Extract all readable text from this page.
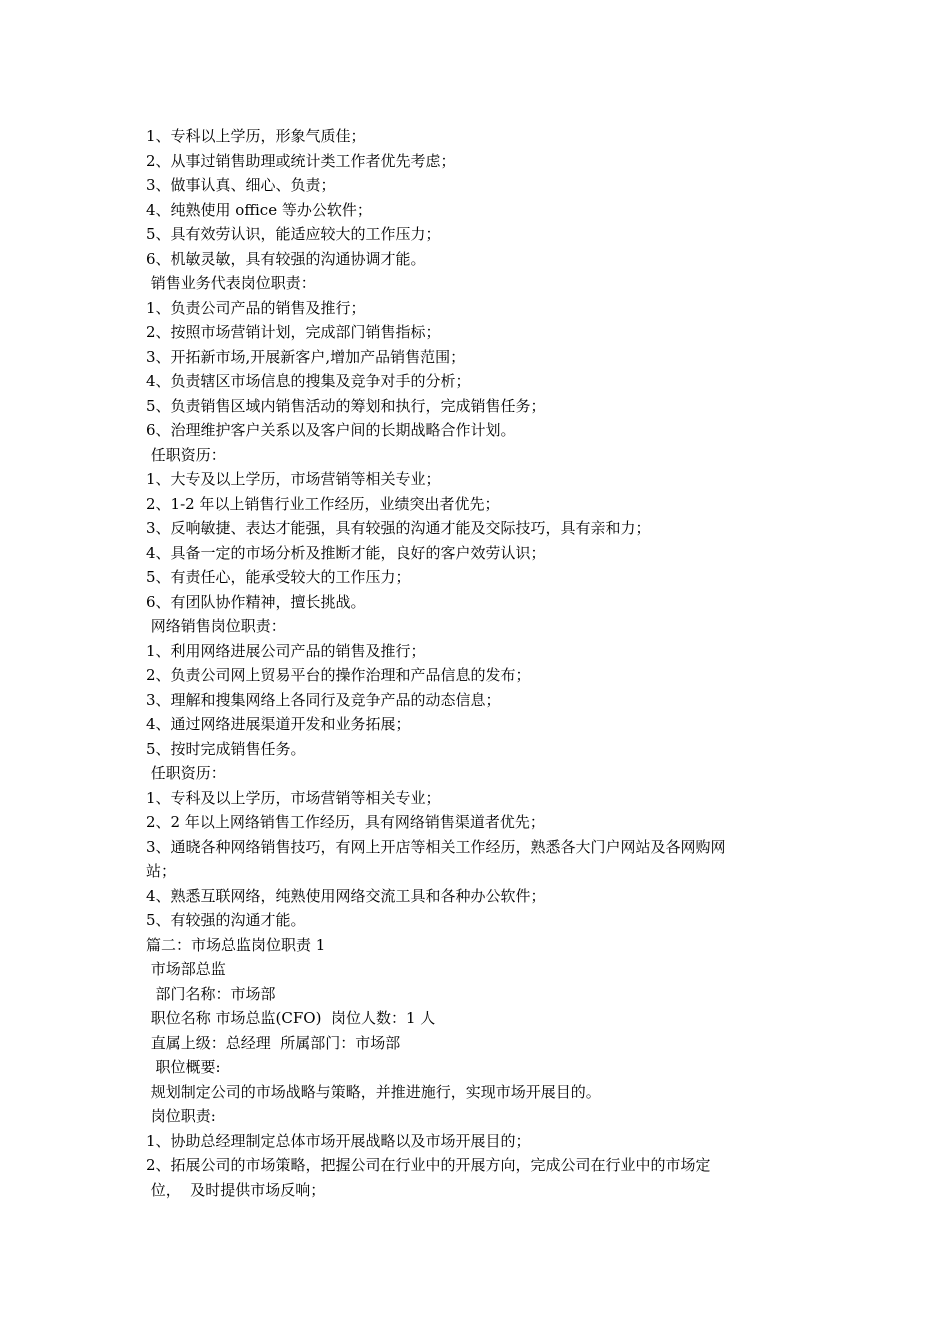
1、专科以上学历，形象气质佳；
2、从事过销售助理或统计类工作者优先考虑；
3、做事认真、细心、负责；
4、纯熟使用 office 等办公软件；
5、具有效劳认识，能适应较大的工作压力；
6、机敏灵敏，具有较强的沟通协调才能。
销售业务代表岗位职责：
1、负责公司产品的销售及推行；
2、按照市场营销计划，完成部门销售指标；
3、开拓新市场,开展新客户,增加产品销售范围；
4、负责辖区市场信息的搜集及竞争对手的分析；
5、负责销售区域内销售活动的筹划和执行，完成销售任务；
6、治理维护客户关系以及客户间的长期战略合作计划。
任职资历：
1、大专及以上学历，市场营销等相关专业；
2、1-2 年以上销售行业工作经历，业绩突出者优先；
3、反响敏捷、表达才能强，具有较强的沟通才能及交际技巧，具有亲和力；
4、具备一定的市场分析及推断才能，良好的客户效劳认识；
5、有责任心，能承受较大的工作压力；
6、有团队协作精神，擅长挑战。
网络销售岗位职责：
1、利用网络进展公司产品的销售及推行；
2、负责公司网上贸易平台的操作治理和产品信息的发布；
3、理解和搜集网络上各同行及竞争产品的动态信息；
4、通过网络进展渠道开发和业务拓展；
5、按时完成销售任务。
任职资历：
1、专科及以上学历，市场营销等相关专业；
2、2 年以上网络销售工作经历，具有网络销售渠道者优先；
3、通晓各种网络销售技巧，有网上开店等相关工作经历，熟悉各大门户网站及各网购网
站；
4、熟悉互联网络，纯熟使用网络交流工具和各种办公软件；
5、有较强的沟通才能。
篇二：市场总监岗位职责 1
市场部总监
部门名称：市场部
职位名称 市场总监(CFO)  岗位人数：1 人
直属上级：总经理  所属部门：市场部
职位概要:
规划制定公司的市场战略与策略，并推进施行，实现市场开展目的。
岗位职责:
1、协助总经理制定总体市场开展战略以及市场开展目的；
2、拓展公司的市场策略，把握公司在行业中的开展方向，完成公司在行业中的市场定
位，  及时提供市场反响；
